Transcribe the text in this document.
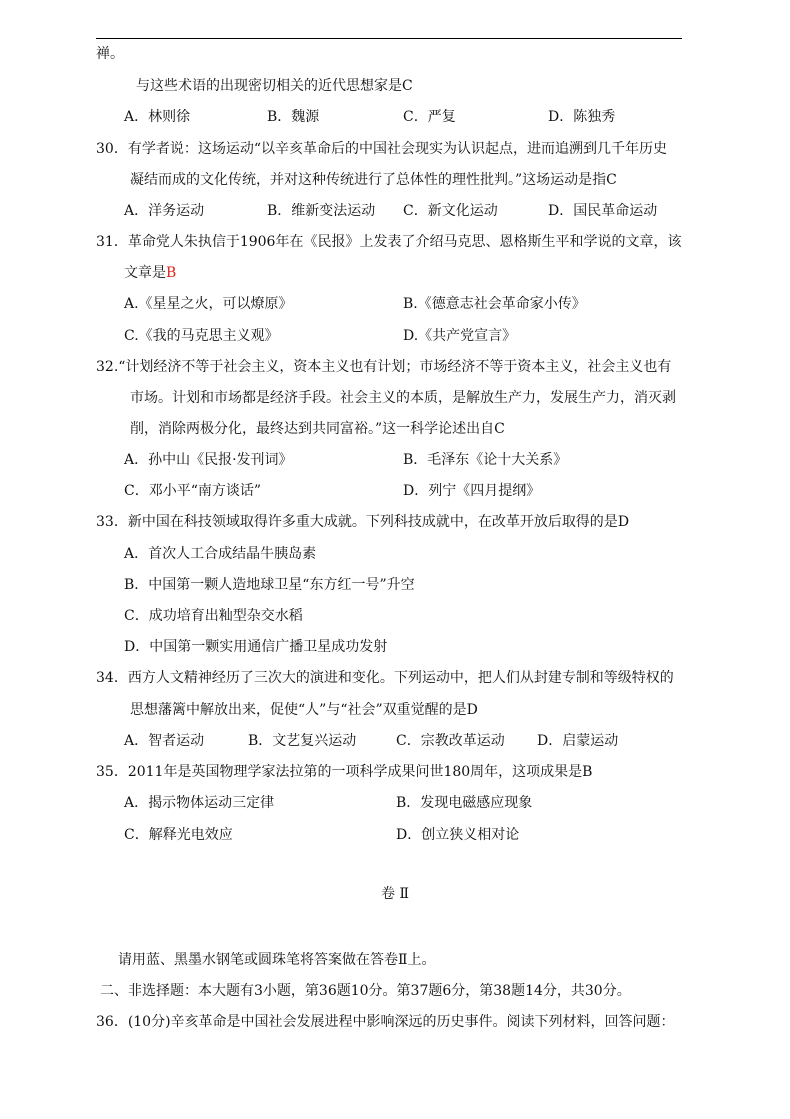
禅。
与这些术语的出现密切相关的近代思想家是C
A．林则徐	B．魏源	C．严复	D．陈独秀
30．有学者说：这场运动“以辛亥革命后的中国社会现实为认识起点，进而追溯到几千年历史
凝结而成的文化传统，并对这种传统进行了总体性的理性批判。”这场运动是指C
A．洋务运动	B．维新变法运动 C．新文化运动	D．国民革命运动
31．革命党人朱执信于1906年在《民报》上发表了介绍马克思、恩格斯生平和学说的文章，该
文章是B
A.《星星之火，可以燎原》	B.《德意志社会革命家小传》
C.《我的马克思主义观》	D.《共产党宣言》
32.“计划经济不等于社会主义，资本主义也有计划；市场经济不等于资本主义，社会主义也有
市场。计划和市场都是经济手段。社会主义的本质，是解放生产力，发展生产力，消灭剥
削，消除两极分化，最终达到共同富裕。”这一科学论述出自C
A．孙中山《民报·发刊词》	B．毛泽东《论十大关系》
C．邓小平“南方谈话”	D．列宁《四月提纲》
33．新中国在科技领域取得许多重大成就。下列科技成就中，在改革开放后取得的是D
A．首次人工合成结晶牛胰岛素
B．中国第一颗人造地球卫星“东方红一号”升空
C．成功培育出籼型杂交水稻
D．中国第一颗实用通信广播卫星成功发射
34．西方人文精神经历了三次大的演进和变化。下列运动中，把人们从封建专制和等级特权的
思想藩篱中解放出来，促使“人”与“社会”双重觉醒的是D
A．智者运动	B．文艺复兴运动	C．宗教改革运动 D．启蒙运动
35．2011年是英国物理学家法拉第的一项科学成果问世180周年，这项成果是B
A．揭示物体运动三定律	B．发现电磁感应现象
C．解释光电效应	D．创立狭义相对论
卷 Ⅱ
请用蓝、黑墨水钢笔或圆珠笔将答案做在答卷Ⅱ上。
二、非选择题：本大题有3小题，第36题10分。第37题6分，第38题14分，共30分。
36．(10分)辛亥革命是中国社会发展进程中影响深远的历史事件。阅读下列材料，回答问题：
